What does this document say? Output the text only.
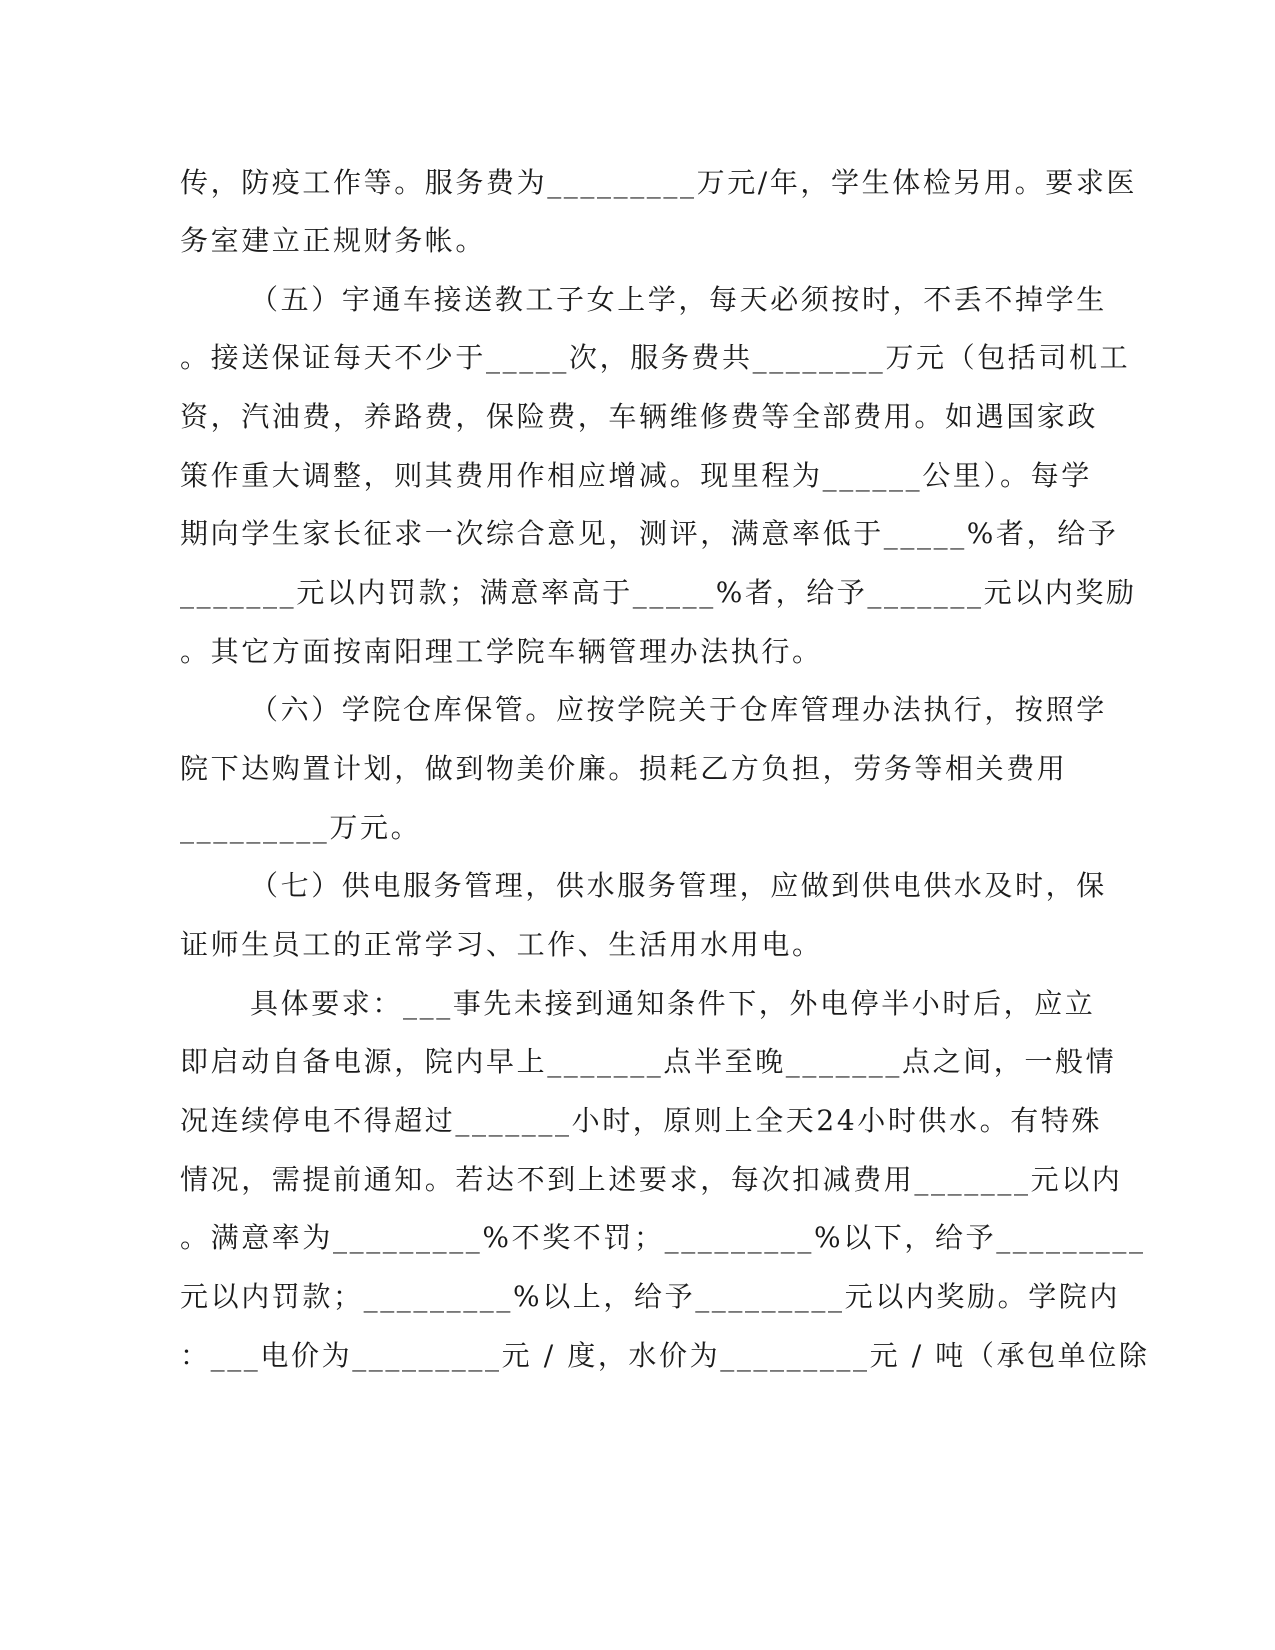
传，防疫工作等。服务费为_________万元/年，学生体检另用。要求医
务室建立正规财务帐。
（五）宇通车接送教工子女上学，每天必须按时，不丢不掉学生
。接送保证每天不少于_____次，服务费共________万元（包括司机工
资，汽油费，养路费，保险费，车辆维修费等全部费用。如遇国家政
策作重大调整，则其费用作相应增减。现里程为______公里）。每学
期向学生家长征求一次综合意见，测评，满意率低于_____%者，给予
_______元以内罚款；满意率高于_____%者，给予_______元以内奖励
。其它方面按南阳理工学院车辆管理办法执行。
（六）学院仓库保管。应按学院关于仓库管理办法执行，按照学
院下达购置计划，做到物美价廉。损耗乙方负担，劳务等相关费用
_________万元。
（七）供电服务管理，供水服务管理，应做到供电供水及时，保
证师生员工的正常学习、工作、生活用水用电。
具体要求：___事先未接到通知条件下，外电停半小时后，应立
即启动自备电源，院内早上_______点半至晚_______点之间，一般情
况连续停电不得超过_______小时，原则上全天24小时供水。有特殊
情况，需提前通知。若达不到上述要求，每次扣减费用_______元以内
。满意率为_________%不奖不罚；_________%以下，给予_________
元以内罚款；_________%以上，给予_________元以内奖励。学院内
：___电价为_________元 / 度，水价为_________元 / 吨（承包单位除
